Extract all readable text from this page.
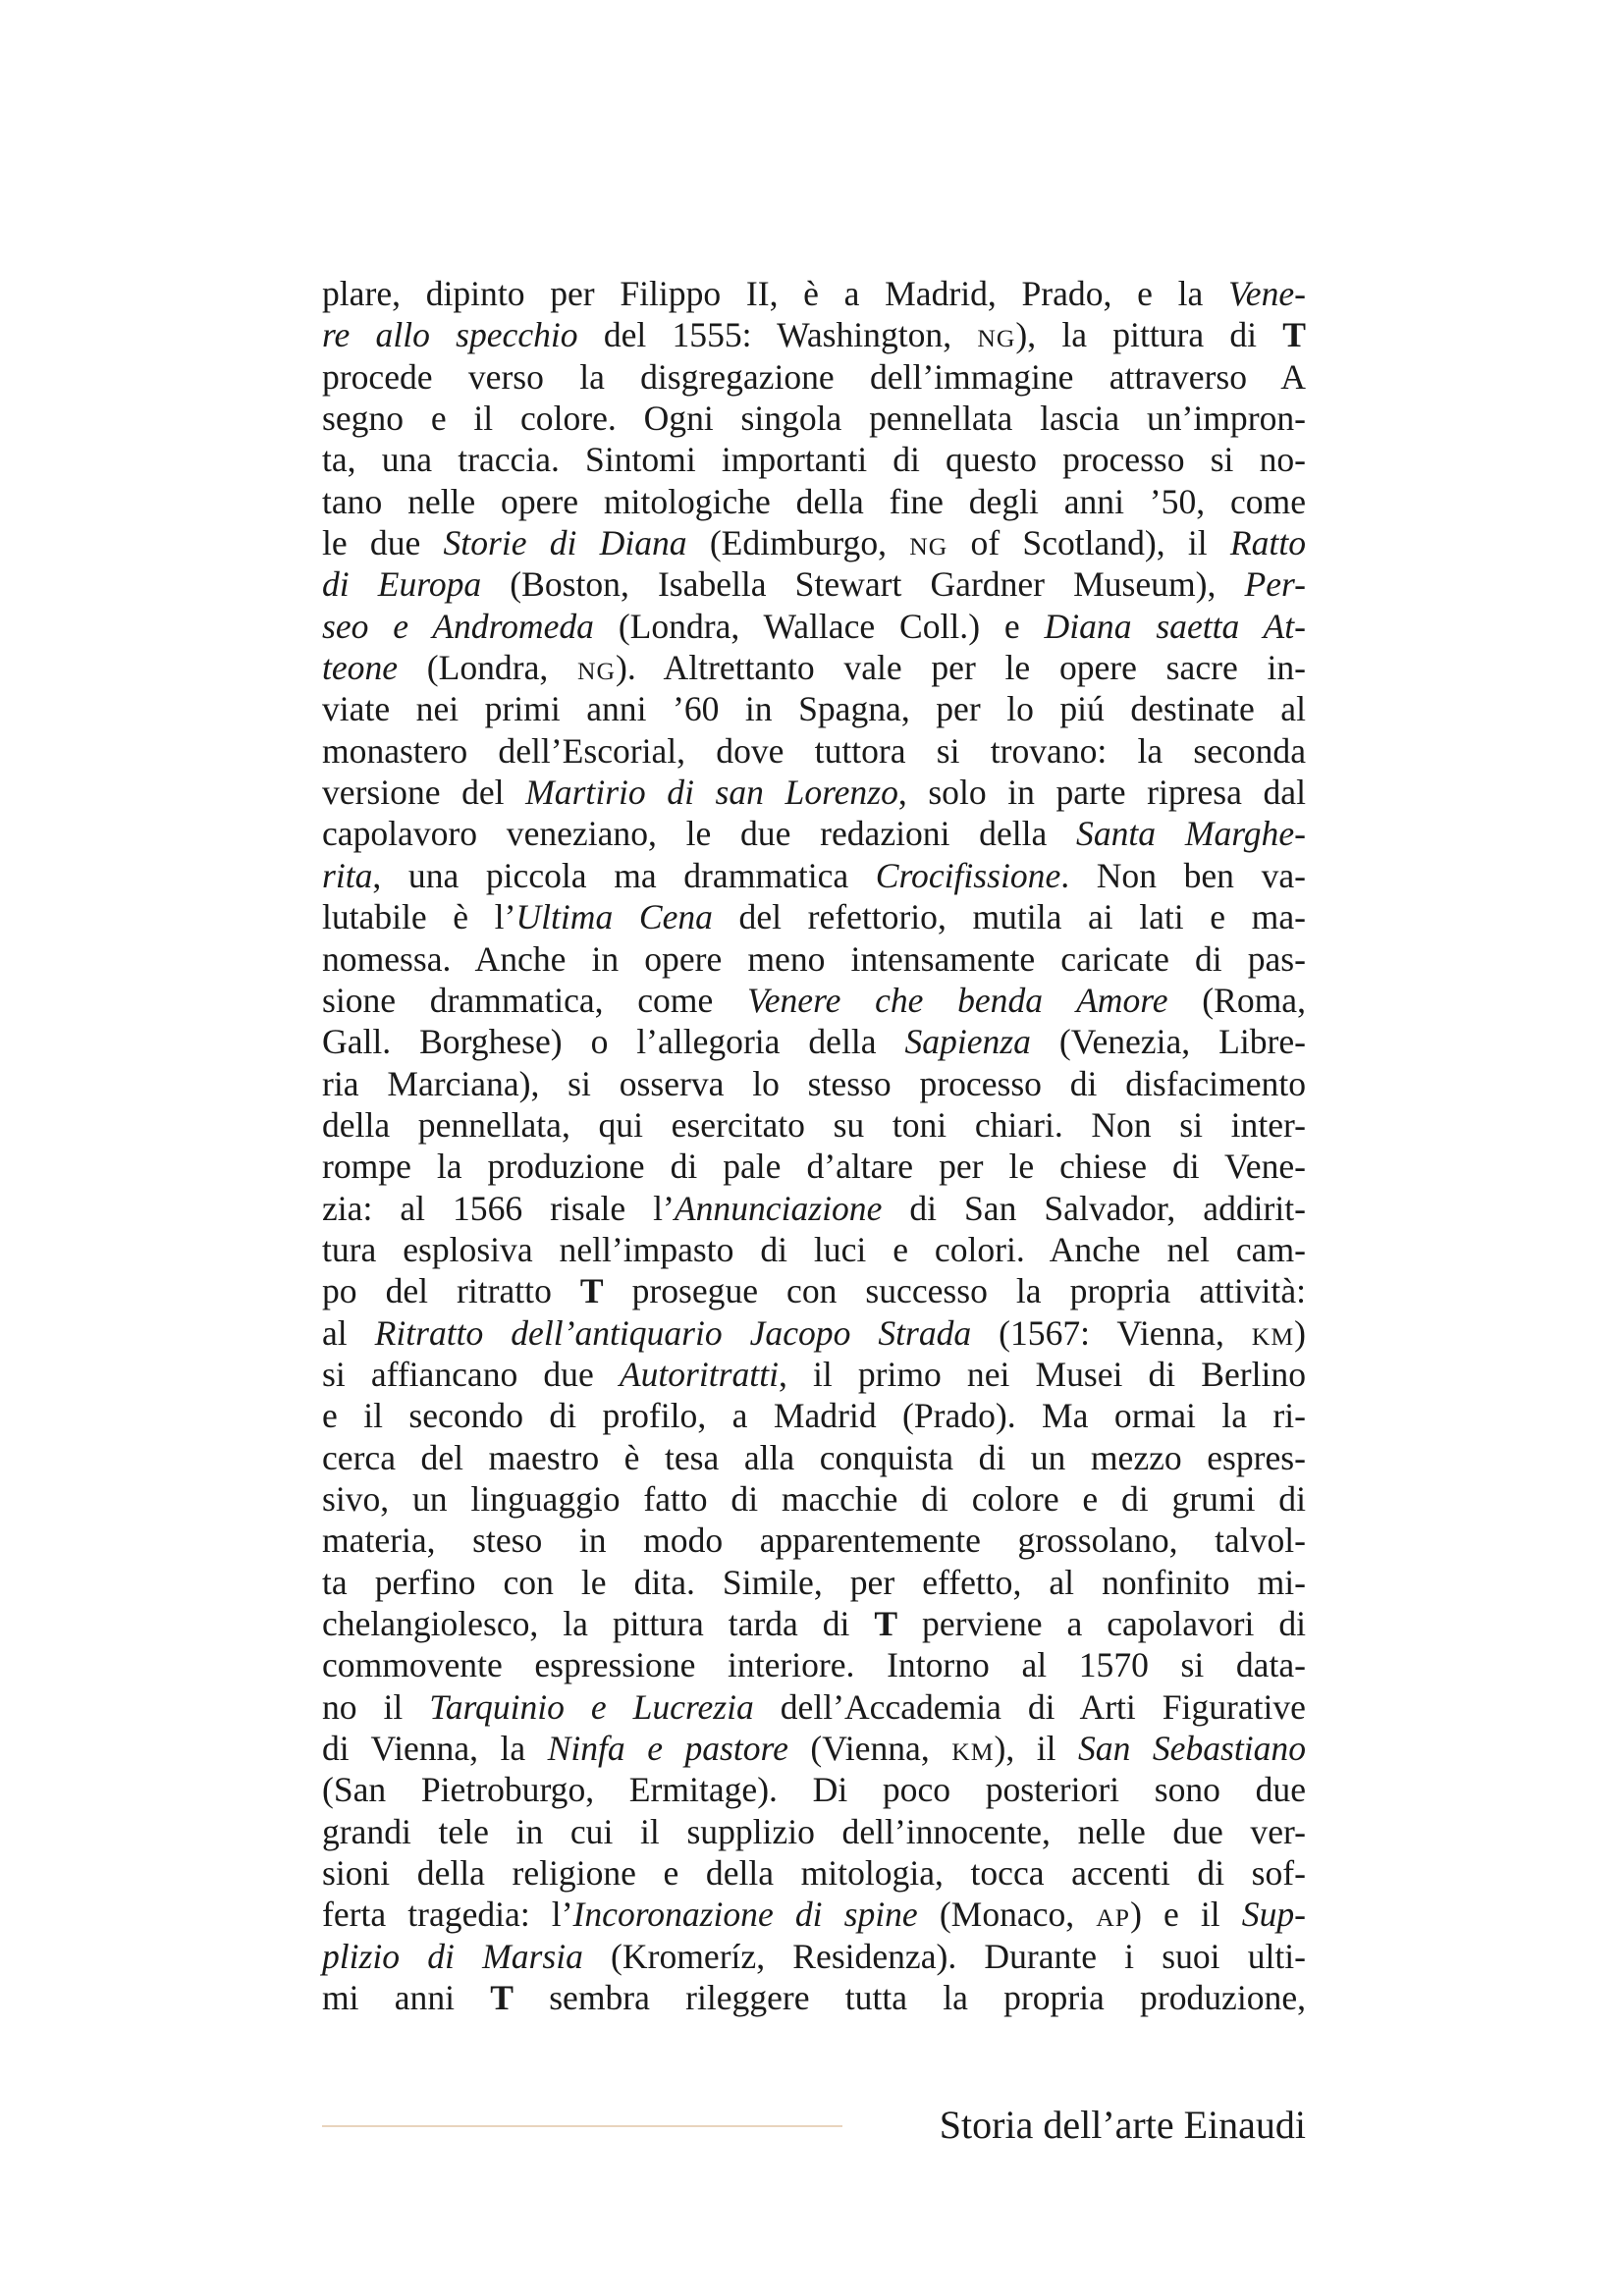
plare, dipinto per Filippo II, è a Madrid, Prado, e la Vene-
re allo specchio del 1555: Washington, NG), la pittura di T
procede verso la disgregazione dell’immagine attraverso A
segno e il colore. Ogni singola pennellata lascia un’impron-
ta, una traccia. Sintomi importanti di questo processo si no-
tano nelle opere mitologiche della fine degli anni ’50, come
le due Storie di Diana (Edimburgo, NG of Scotland), il Ratto
di Europa (Boston, Isabella Stewart Gardner Museum), Per-
seo e Andromeda (Londra, Wallace Coll.) e Diana saetta At-
teone (Londra, NG). Altrettanto vale per le opere sacre in-
viate nei primi anni ’60 in Spagna, per lo piú destinate al
monastero dell’Escorial, dove tuttora si trovano: la seconda
versione del Martirio di san Lorenzo, solo in parte ripresa dal
capolavoro veneziano, le due redazioni della Santa Marghe-
rita, una piccola ma drammatica Crocifissione. Non ben va-
lutabile è l’Ultima Cena del refettorio, mutila ai lati e ma-
nomessa. Anche in opere meno intensamente caricate di pas-
sione drammatica, come Venere che benda Amore (Roma,
Gall. Borghese) o l’allegoria della Sapienza (Venezia, Libre-
ria Marciana), si osserva lo stesso processo di disfacimento
della pennellata, qui esercitato su toni chiari. Non si inter-
rompe la produzione di pale d’altare per le chiese di Vene-
zia: al 1566 risale l’Annunciazione di San Salvador, addirit-
tura esplosiva nell’impasto di luci e colori. Anche nel cam-
po del ritratto T prosegue con successo la propria attività:
al Ritratto dell’antiquario Jacopo Strada (1567: Vienna, KM)
si affiancano due Autoritratti, il primo nei Musei di Berlino
e il secondo di profilo, a Madrid (Prado). Ma ormai la ri-
cerca del maestro è tesa alla conquista di un mezzo espres-
sivo, un linguaggio fatto di macchie di colore e di grumi di
materia, steso in modo apparentemente grossolano, talvol-
ta perfino con le dita. Simile, per effetto, al nonfinito mi-
chelangiolesco, la pittura tarda di T perviene a capolavori di
commovente espressione interiore. Intorno al 1570 si data-
no il Tarquinio e Lucrezia dell’Accademia di Arti Figurative
di Vienna, la Ninfa e pastore (Vienna, KM), il San Sebastiano
(San Pietroburgo, Ermitage). Di poco posteriori sono due
grandi tele in cui il supplizio dell’innocente, nelle due ver-
sioni della religione e della mitologia, tocca accenti di sof-
ferta tragedia: l’Incoronazione di spine (Monaco, AP) e il Sup-
plizio di Marsia (Kromeríz, Residenza). Durante i suoi ulti-
mi anni T sembra rileggere tutta la propria produzione,
Storia dell’arte Einaudi
